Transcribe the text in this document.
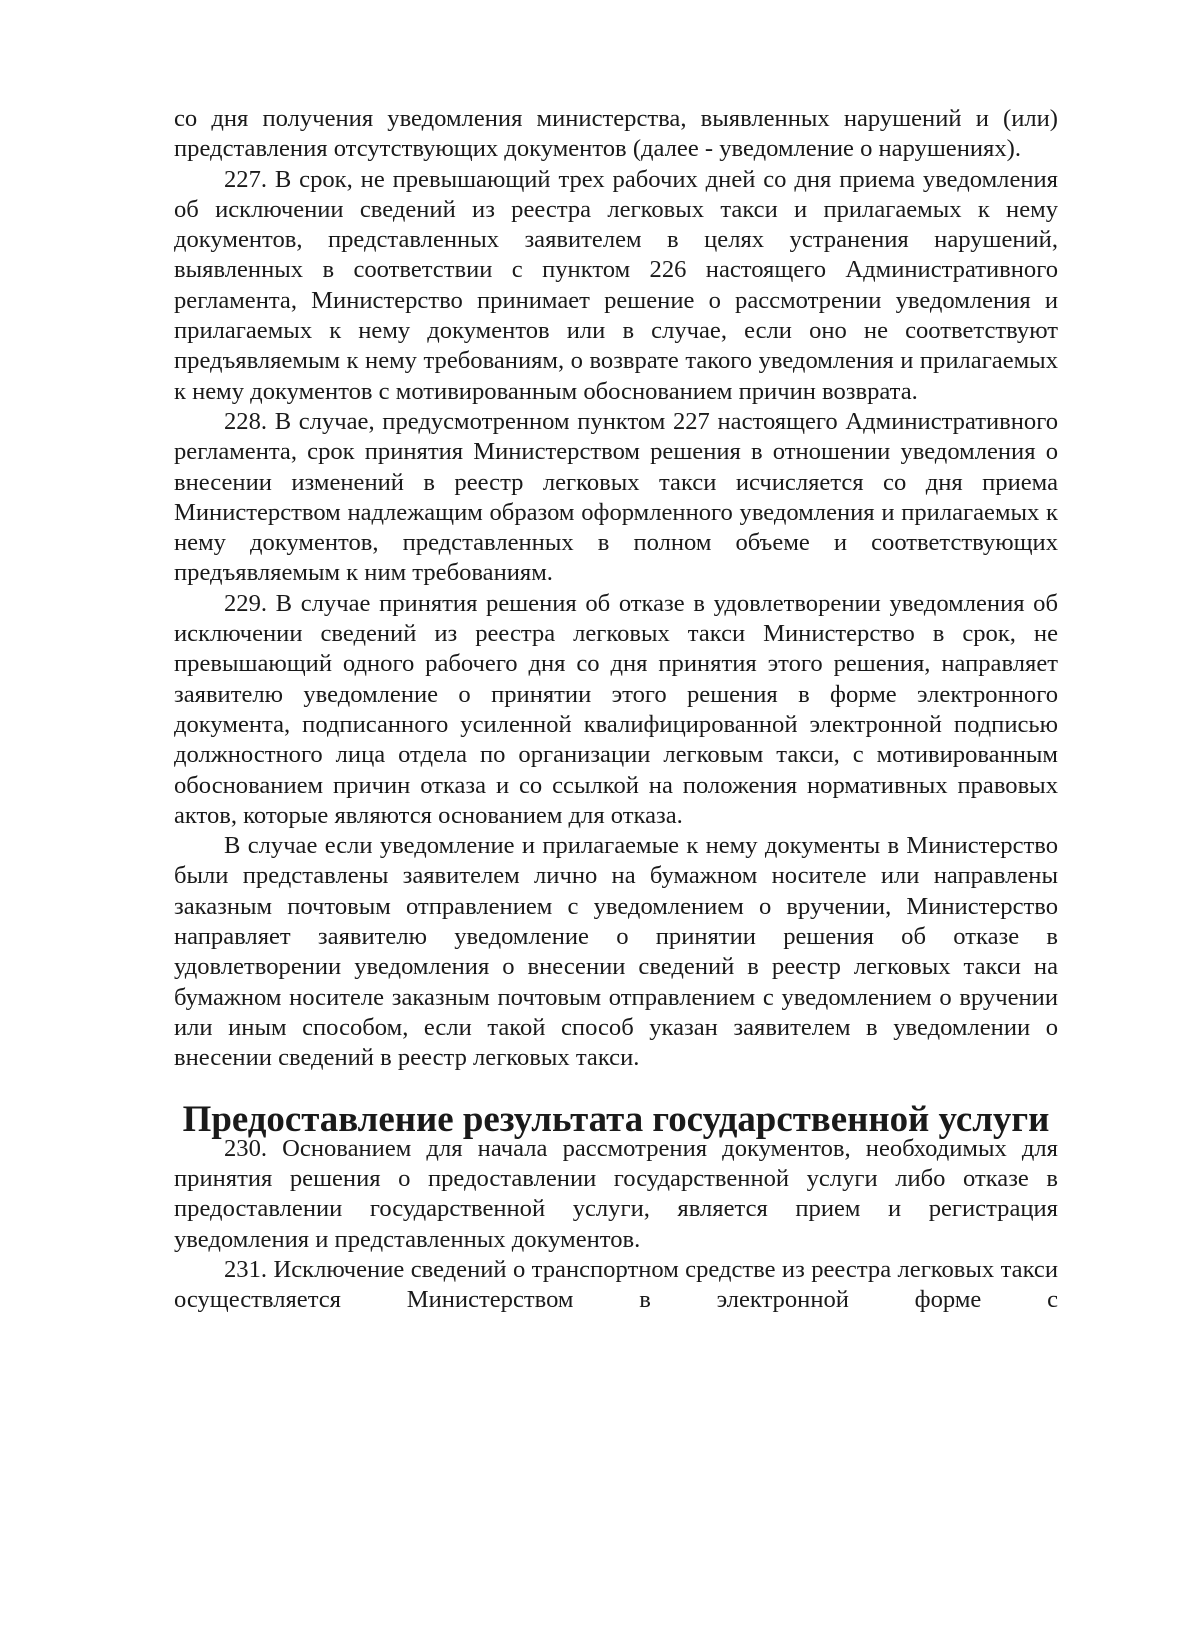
со дня получения уведомления министерства, выявленных нарушений и (или) представления отсутствующих документов (далее - уведомление о нарушениях).

227. В срок, не превышающий трех рабочих дней со дня приема уведомления об исключении сведений из реестра легковых такси и прилагаемых к нему документов, представленных заявителем в целях устранения нарушений, выявленных в соответствии с пунктом 226 настоящего Административного регламента, Министерство принимает решение о рассмотрении уведомления и прилагаемых к нему документов или в случае, если оно не соответствуют предъявляемым к нему требованиям, о возврате такого уведомления и прилагаемых к нему документов с мотивированным обоснованием причин возврата.

228. В случае, предусмотренном пунктом 227 настоящего Административного регламента, срок принятия Министерством решения в отношении уведомления о внесении изменений в реестр легковых такси исчисляется со дня приема Министерством надлежащим образом оформленного уведомления и прилагаемых к нему документов, представленных в полном объеме и соответствующих предъявляемым к ним требованиям.

229. В случае принятия решения об отказе в удовлетворении уведомления об исключении сведений из реестра легковых такси Министерство в срок, не превышающий одного рабочего дня со дня принятия этого решения, направляет заявителю уведомление о принятии этого решения в форме электронного документа, подписанного усиленной квалифицированной электронной подписью должностного лица отдела по организации легковым такси, с мотивированным обоснованием причин отказа и со ссылкой на положения нормативных правовых актов, которые являются основанием для отказа.

В случае если уведомление и прилагаемые к нему документы в Министерство были представлены заявителем лично на бумажном носителе или направлены заказным почтовым отправлением с уведомлением о вручении, Министерство направляет заявителю уведомление о принятии решения об отказе в удовлетворении уведомления о внесении сведений в реестр легковых такси на бумажном носителе заказным почтовым отправлением с уведомлением о вручении или иным способом, если такой способ указан заявителем в уведомлении о внесении сведений в реестр легковых такси.

Предоставление результата государственной услуги

230. Основанием для начала рассмотрения документов, необходимых для принятия решения о предоставлении государственной услуги либо отказе в предоставлении государственной услуги, является прием и регистрация уведомления и представленных документов.

231. Исключение сведений о транспортном средстве из реестра легковых такси осуществляется Министерством в электронной форме с
